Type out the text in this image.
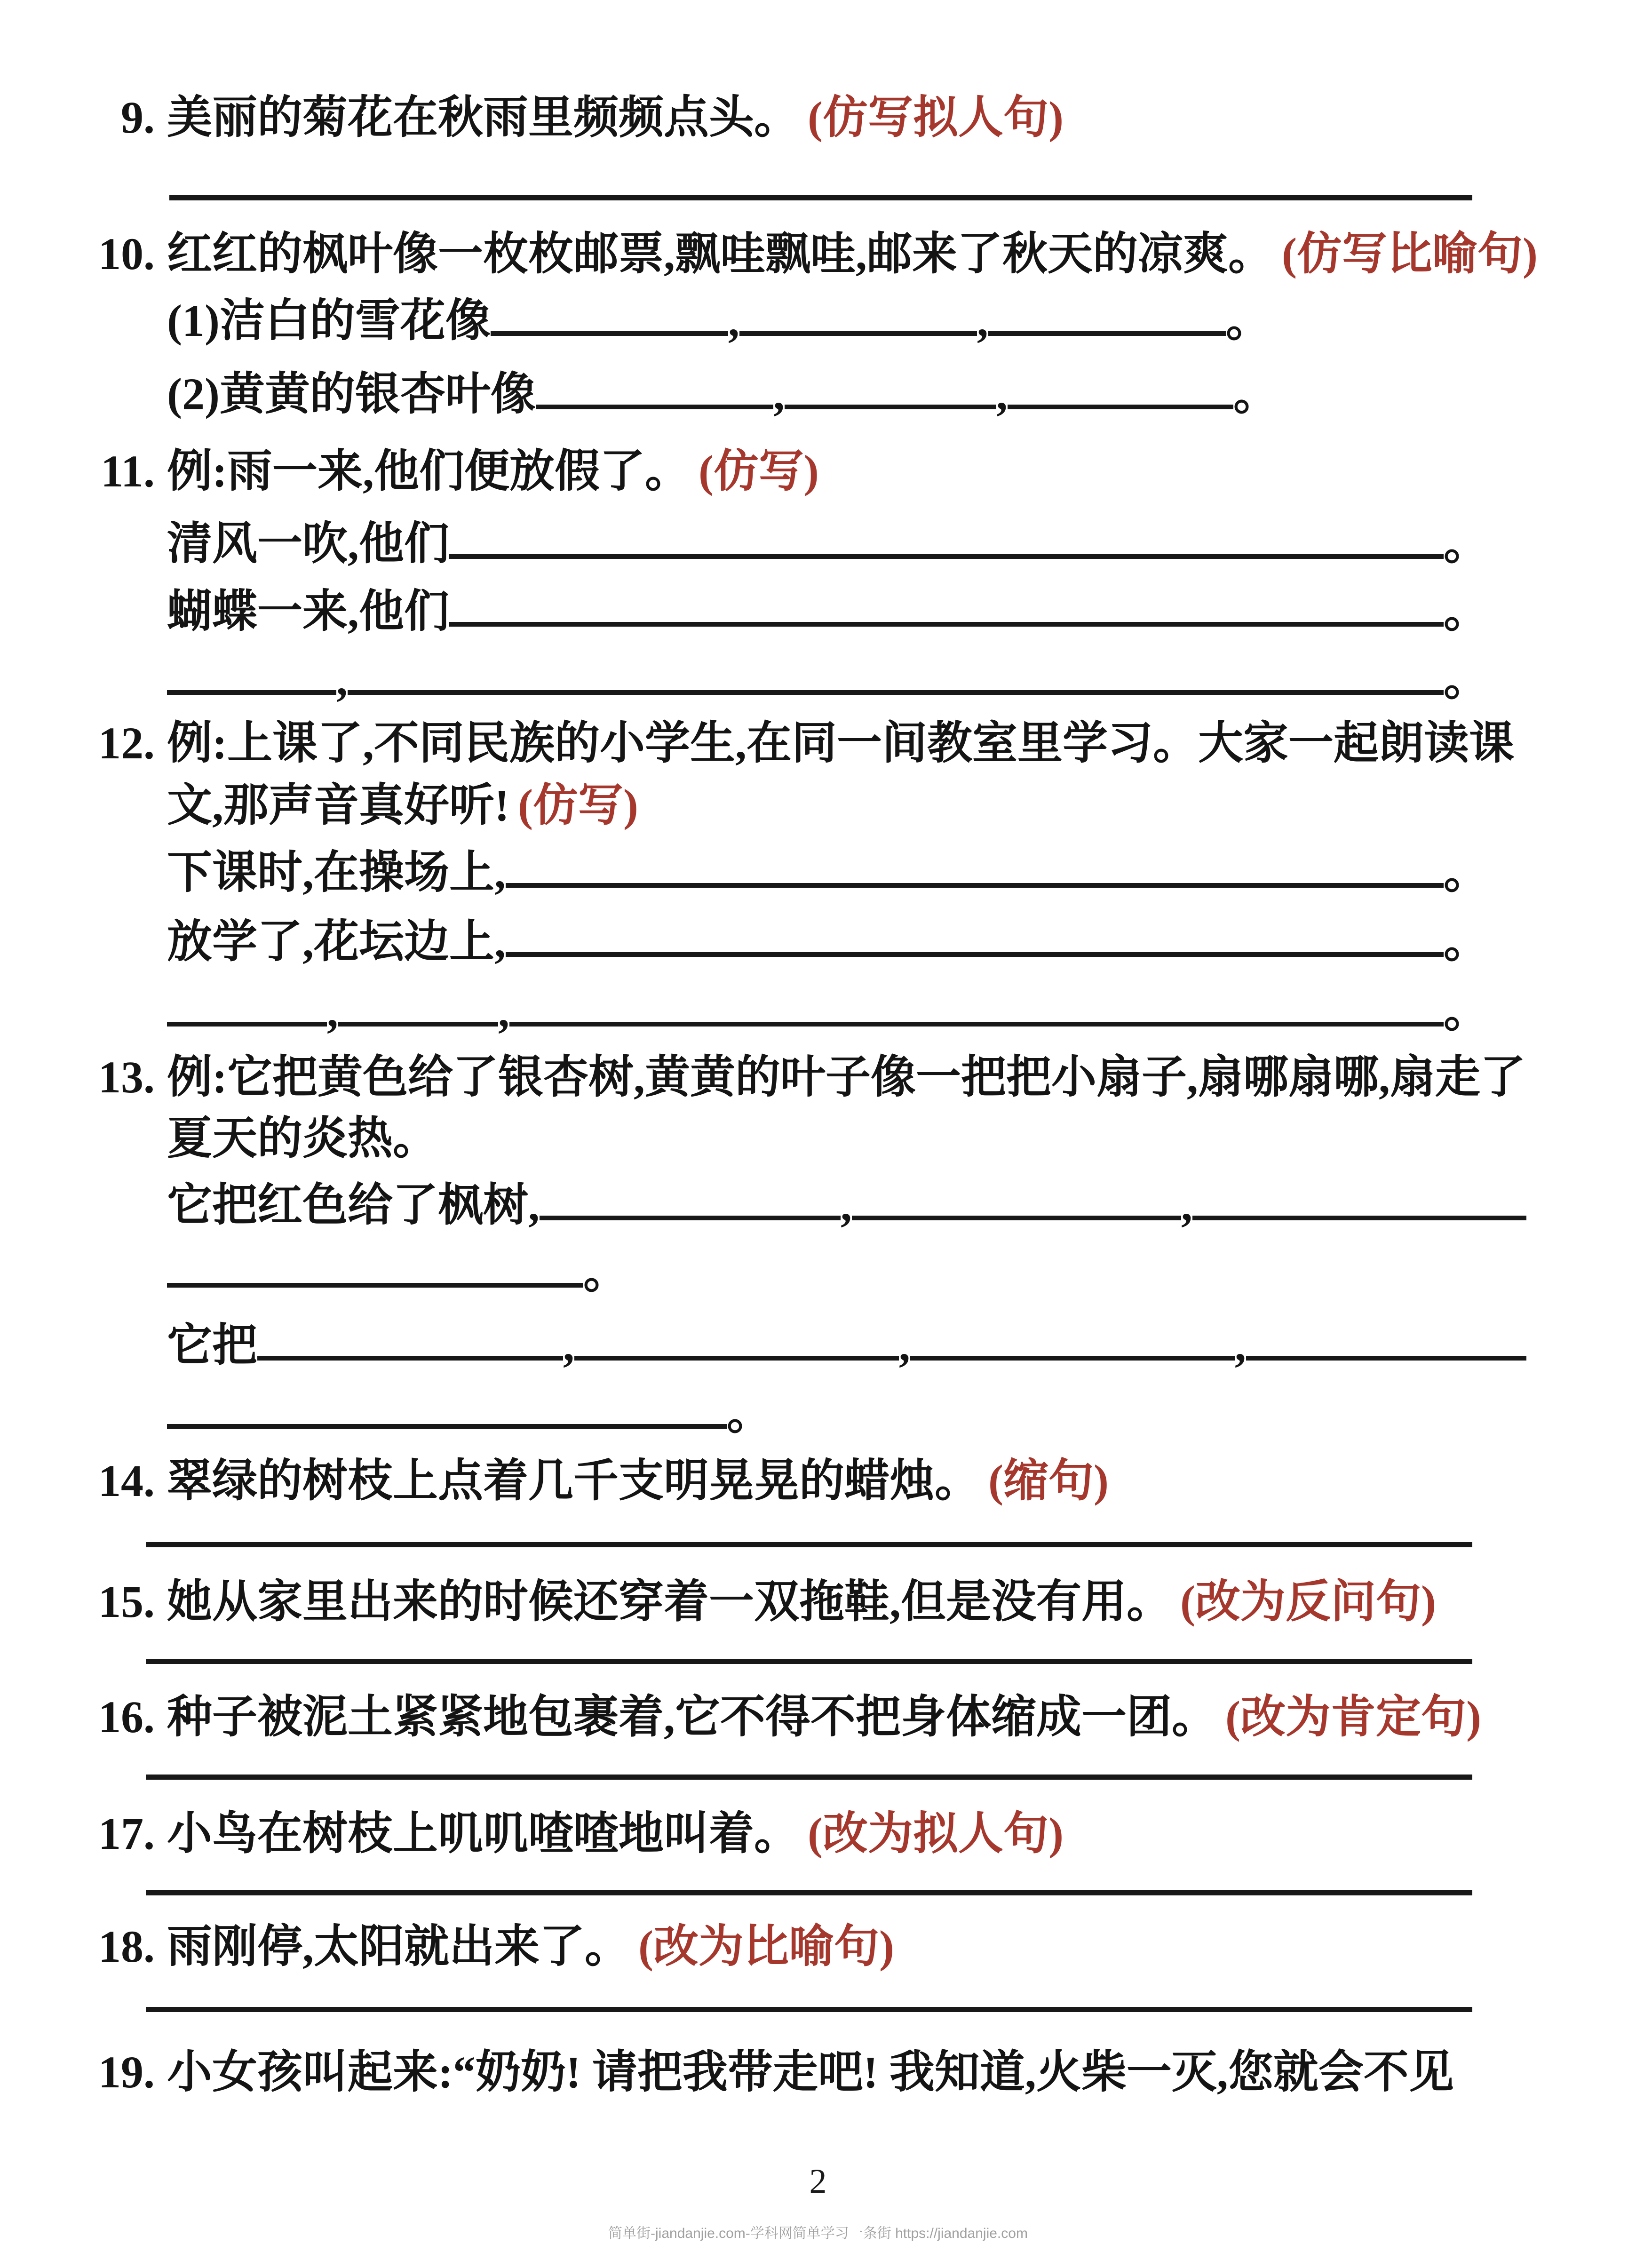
9. 美丽的菊花在秋雨里频频点头。 (仿写拟人句)
10. 红红的枫叶像一枚枚邮票,飘哇飘哇,邮来了秋天的凉爽。 (仿写比喻句)
(1)洁白的雪花像	,	,	。
(2)黄黄的银杏叶像	,	,	。
11. 例:雨一来,他们便放假了。 (仿写)
清风一吹,他们	。
蝴蝶一来,他们	。
,	。
12. 例:上课了,不同民族的小学生,在同一间教室里学习。大家一起朗读课
文,那声音真好听! (仿写)
下课时,在操场上,	。
放学了,花坛边上,	。
,	,	。
13. 例:它把黄色给了银杏树,黄黄的叶子像一把把小扇子,扇哪扇哪,扇走了
夏天的炎热。
它把红色给了枫树,	,	,
。
它把	,	,	,
。
14. 翠绿的树枝上点着几千支明晃晃的蜡烛。 (缩句)
15. 她从家里出来的时候还穿着一双拖鞋,但是没有用。 (改为反问句)
16. 种子被泥土紧紧地包裹着,它不得不把身体缩成一团。 (改为肯定句)
17. 小鸟在树枝上叽叽喳喳地叫着。 (改为拟人句)
18. 雨刚停,太阳就出来了。 (改为比喻句)
19. 小女孩叫起来:“奶奶! 请把我带走吧! 我知道,火柴一灭,您就会不见
2
简单街-jiandanjie.com-学科网简单学习一条街 https://jiandanjie.com
